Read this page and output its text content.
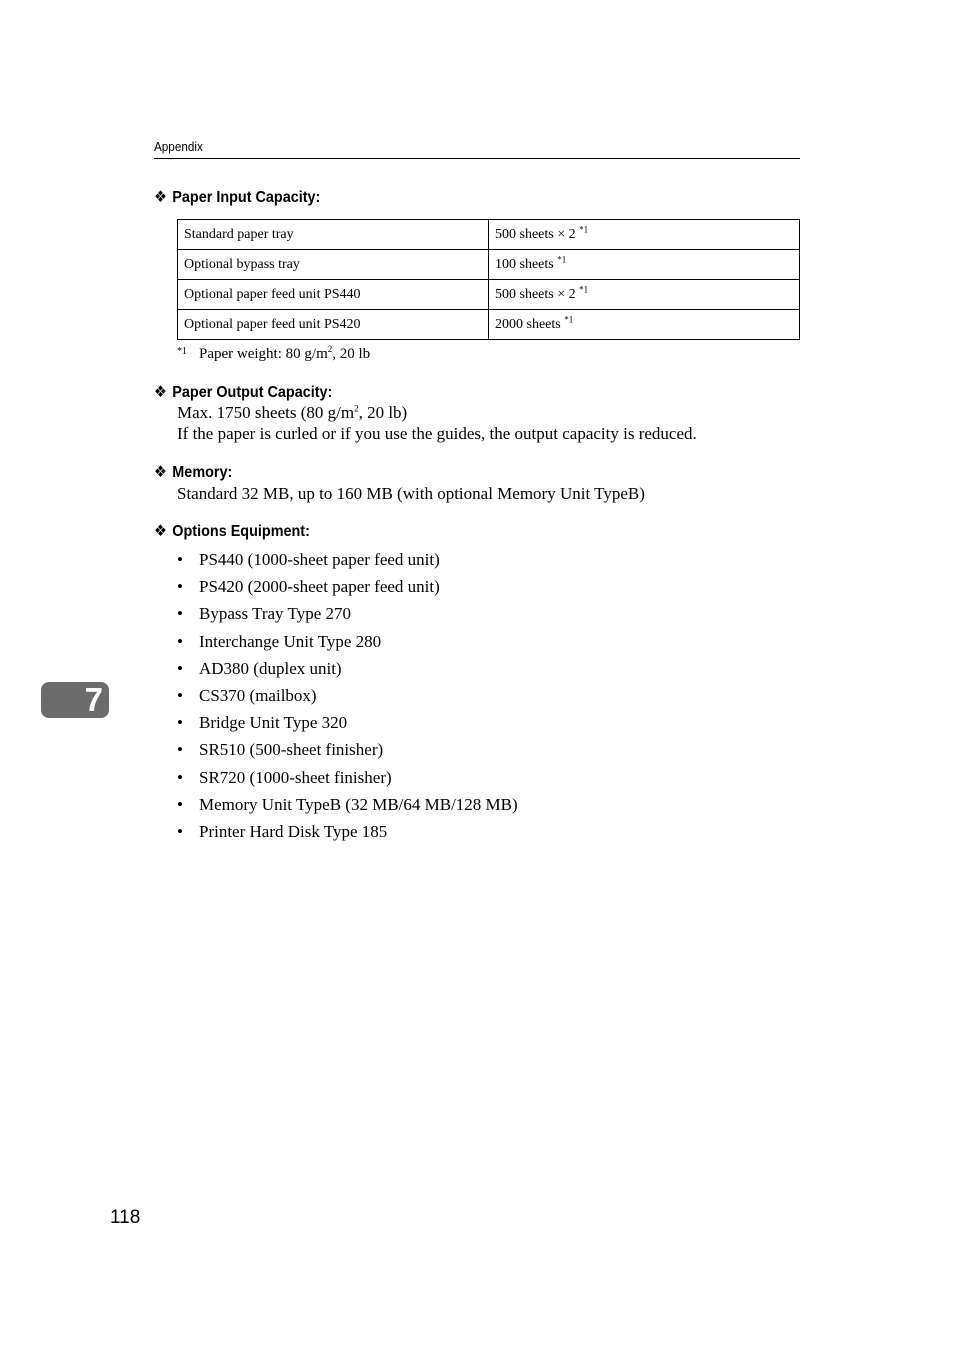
Appendix
❖ Paper Input Capacity:
Standard paper tray	500 sheets × 2 $^{*1}$
Optional bypass tray	100 sheets $^{*1}$
Optional paper feed unit PS440	500 sheets × 2 $^{*1}$
Optional paper feed unit PS420	2000 sheets $^{*1}$
$^{*1}$ Paper weight: 80 $g/m^2$, 20 lb
❖ Paper Output Capacity:
Max. 1750 sheets (80 $g/m^2$, 20 lb)
If the paper is curled or if you use the guides, the output capacity is reduced.
❖ Memory:
Standard 32 MB, up to 160 MB (with optional Memory Unit TypeB)
❖ Options Equipment:
• PS440 (1000-sheet paper feed unit)
• PS420 (2000-sheet paper feed unit)
• Bypass Tray Type 270
• Interchange Unit Type 280
• AD380 (duplex unit)
• CS370 (mailbox)
• Bridge Unit Type 320
• SR510 (500-sheet finisher)
• SR720 (1000-sheet finisher)
• Memory Unit TypeB (32 MB/64 MB/128 MB)
• Printer Hard Disk Type 185
7
118
